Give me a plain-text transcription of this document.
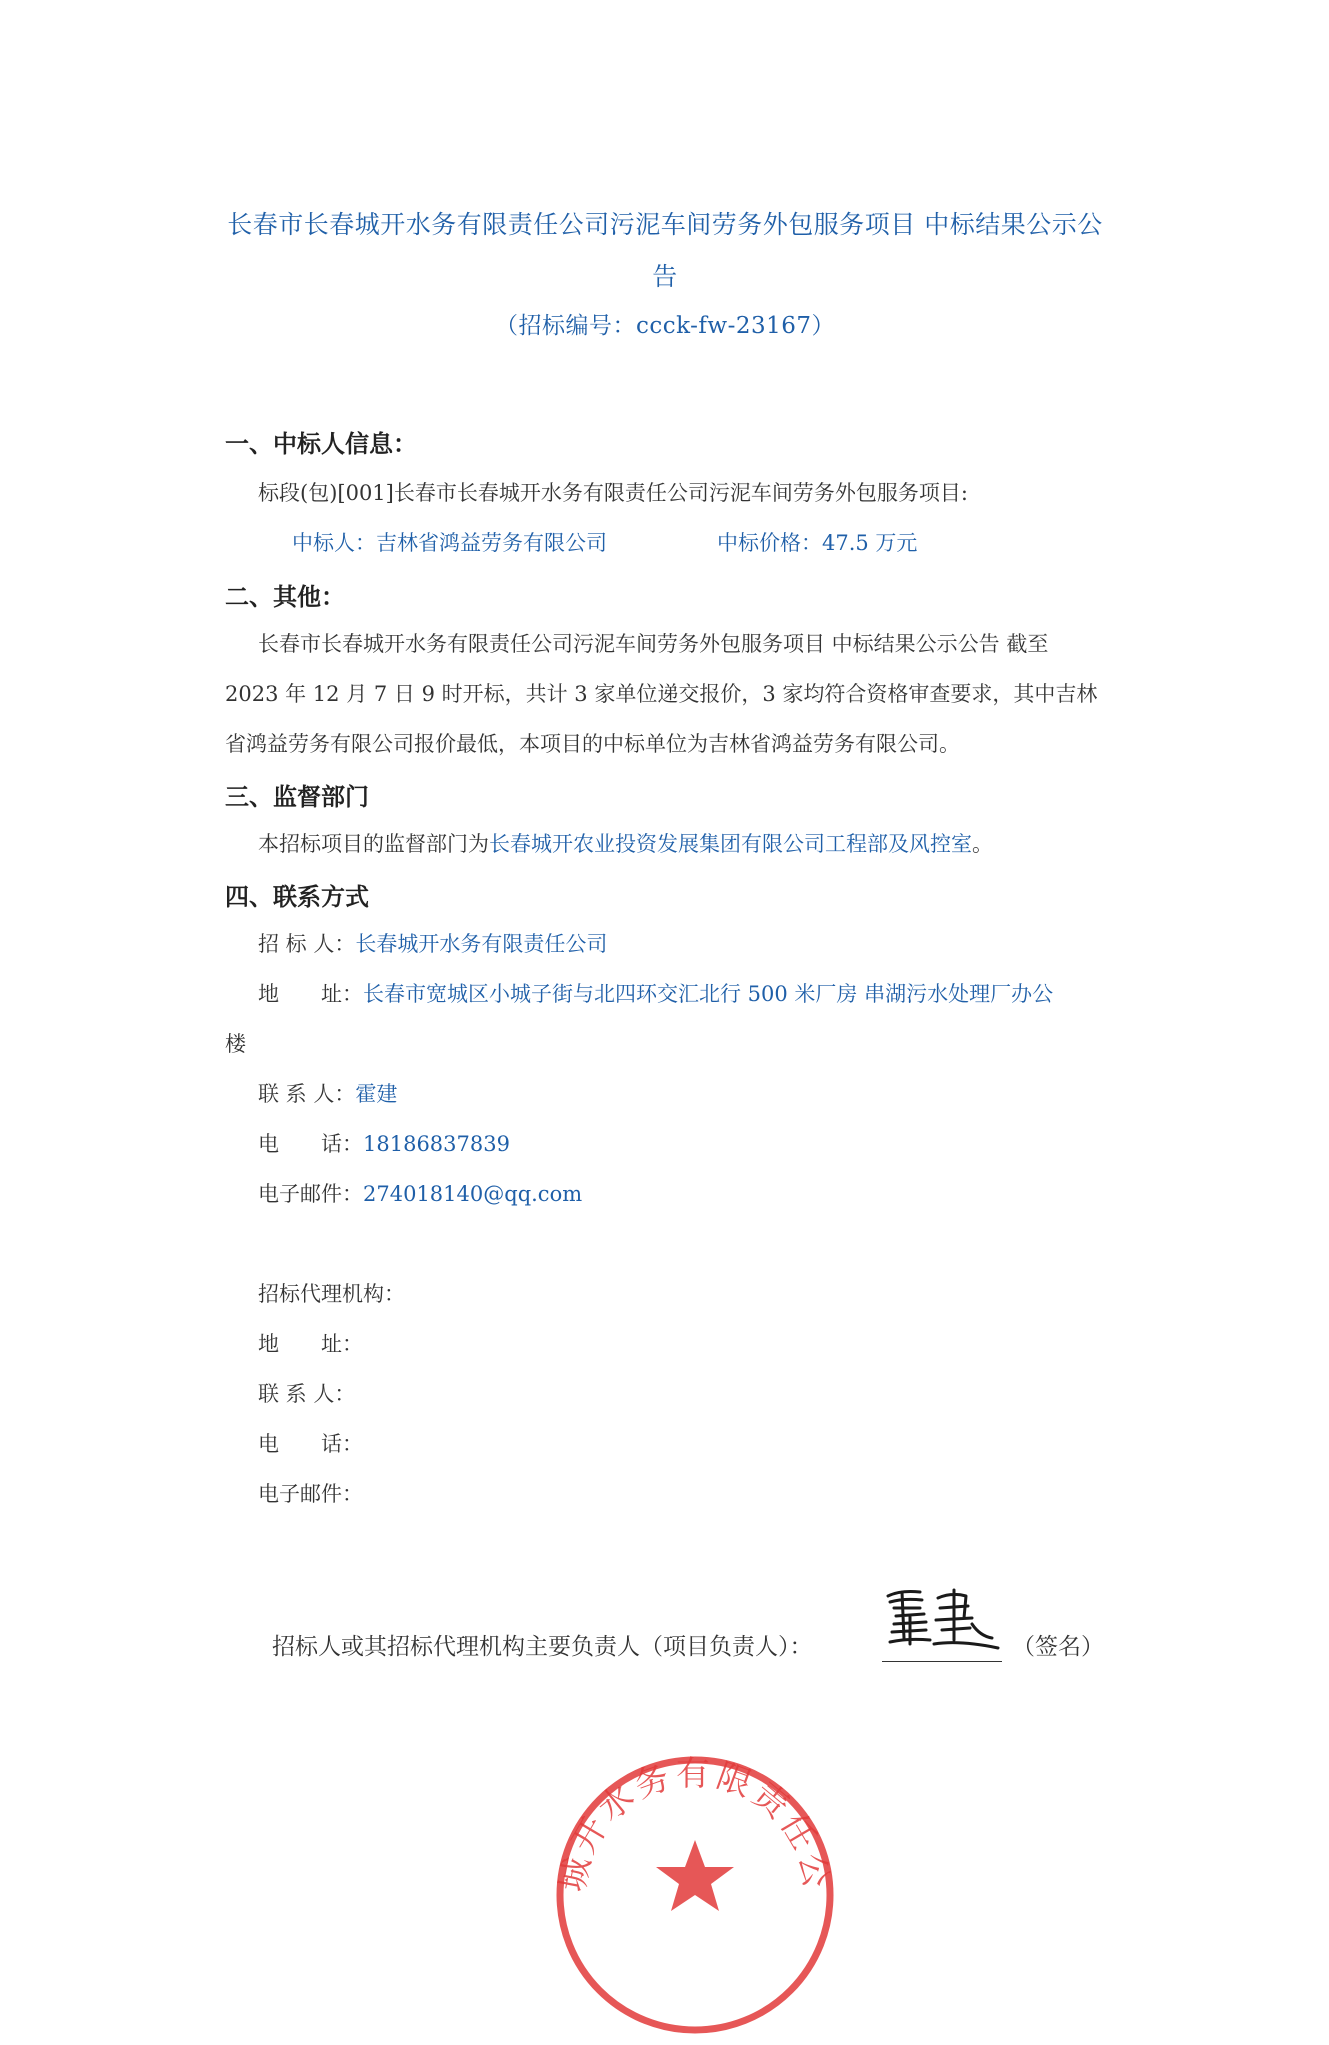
长春市长春城开水务有限责任公司污泥车间劳务外包服务项目 中标结果公示公
告
（招标编号：ccck-fw-23167）
一、中标人信息：
标段(包)[001]长春市长春城开水务有限责任公司污泥车间劳务外包服务项目:
中标人：吉林省鸿益劳务有限公司	中标价格：47.5 万元
二、其他：
长春市长春城开水务有限责任公司污泥车间劳务外包服务项目 中标结果公示公告 截至
2023 年 12 月 7 日 9 时开标，共计 3 家单位递交报价，3 家均符合资格审查要求，其中吉林
省鸿益劳务有限公司报价最低，本项目的中标单位为吉林省鸿益劳务有限公司。
三、监督部门
本招标项目的监督部门为长春城开农业投资发展集团有限公司工程部及风控室。
四、联系方式
招 标 人：长春城开水务有限责任公司
地　　址：长春市宽城区小城子街与北四环交汇北行 500 米厂房 串湖污水处理厂办公
楼
联 系 人：霍建
电　　话：18186837839
电子邮件：274018140@qq.com
招标代理机构：
地　　址：
联 系 人：
电　　话：
电子邮件：
招标人或其招标代理机构主要负责人（项目负责人）：	（签名）
城开水务有限责任公
